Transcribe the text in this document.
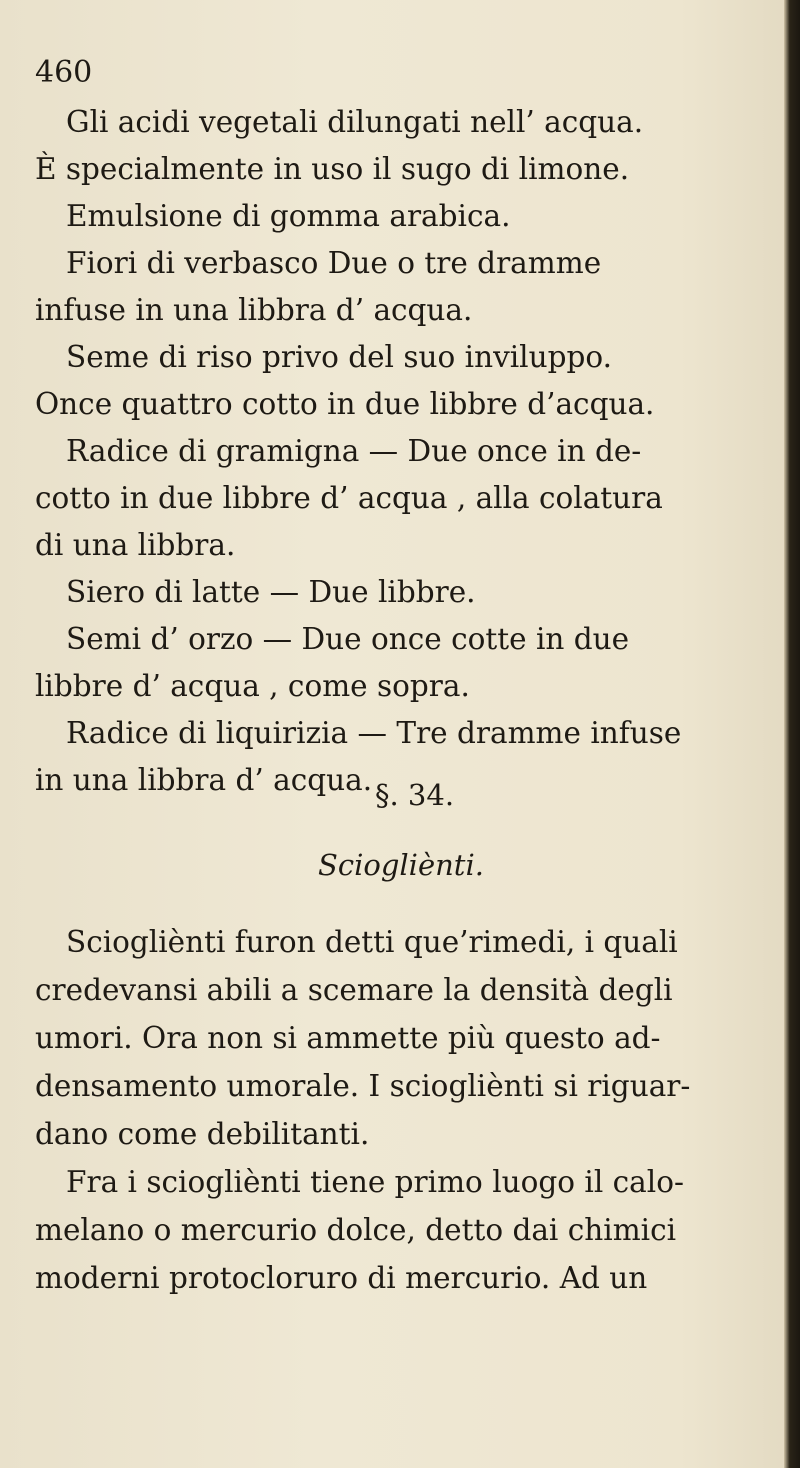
460
Gli acidi vegetali dilungati nell’ acqua.
È specialmente in uso il sugo di limone.
Emulsione di gomma arabica.
Fiori di verbasco Due o tre dramme
infuse in una libbra d’ acqua.
Seme di riso privo del suo inviluppo.
Once quattro cotto in due libbre d’acqua.
Radice di gramigna — Due once in de-
cotto in due libbre d’ acqua , alla colatura
di una libbra.
Siero di latte — Due libbre.
Semi d’ orzo — Due once cotte in due
libbre d’ acqua , come sopra.
Radice di liquirizia — Tre dramme infuse
in una libbra d’ acqua. §. 34.
Sciogliènti.
Sciogliènti furon detti que’rimedi, i quali
credevansi abili a scemare la densità degli
umori. Ora non si ammette più questo ad-
densamento umorale. I sciogliènti si riguar-
dano come debilitanti.
Fra i sciogliènti tiene primo luogo il calo-
melano o mercurio dolce, detto dai chimici
moderni protocloruro di mercurio. Ad un
